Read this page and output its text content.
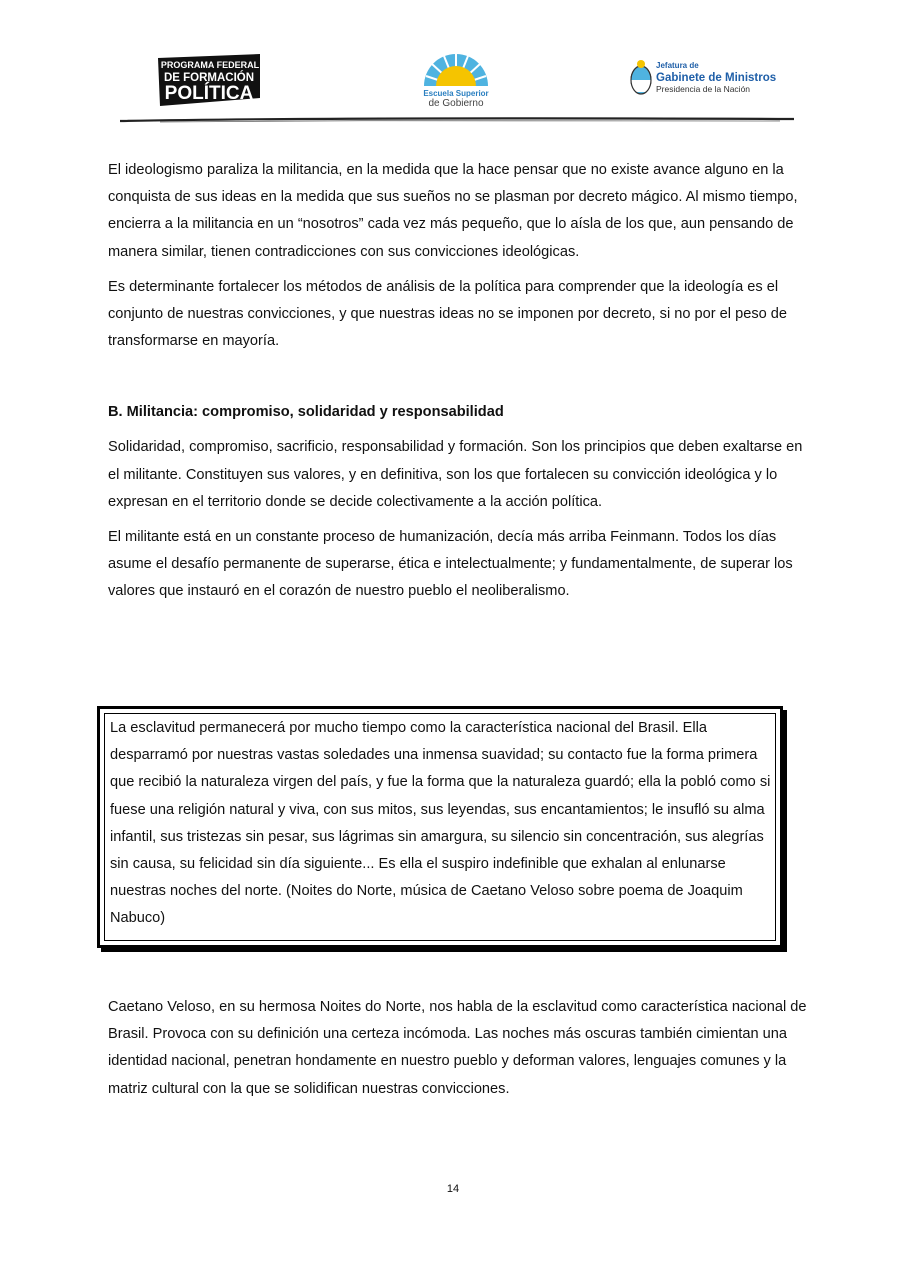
PROGRAMA FEDERAL
DE FORMACIÓN
POLÍTICA	Escuela Superior
de Gobierno
Jefatura de
Gabinete de Ministros
Presidencia de la Nación

El ideologismo paraliza la militancia, en la medida que la hace pensar que no existe avance alguno en la conquista de sus ideas en la medida que sus sueños no se plasman por decreto mágico. Al mismo tiempo, encierra a la militancia en un “nosotros” cada vez más pequeño, que lo aísla de los que, aun pensando de manera similar, tienen contradicciones con sus convicciones ideológicas.

Es determinante fortalecer los métodos de análisis de la política para comprender que la ideología es el conjunto de nuestras convicciones, y que nuestras ideas no se imponen por decreto, si no por el peso de transformarse en mayoría.

B. Militancia: compromiso, solidaridad y responsabilidad

Solidaridad, compromiso, sacrificio, responsabilidad y formación. Son los principios que deben exaltarse en el militante. Constituyen sus valores, y en definitiva, son los que fortalecen su convicción ideológica y lo expresan en el territorio donde se decide colectivamente a la acción política.

El militante está en un constante proceso de humanización, decía más arriba Feinmann. Todos los días asume el desafío permanente de superarse, ética e intelectualmente; y fundamentalmente, de superar los valores que instauró en el corazón de nuestro pueblo el neoliberalismo.

La esclavitud permanecerá por mucho tiempo como la característica nacional del Brasil. Ella desparramó por nuestras vastas soledades una inmensa suavidad; su contacto fue la forma primera que recibió la naturaleza virgen del país, y fue la forma que la naturaleza guardó; ella la pobló como si fuese una religión natural y viva, con sus mitos, sus leyendas, sus encantamientos; le insufló su alma infantil, sus tristezas sin pesar, sus lágrimas sin amargura, su silencio sin concentración, sus alegrías sin causa, su felicidad sin día siguiente... Es ella el suspiro indefinible que exhalan al enlunarse nuestras noches del norte. (Noites do Norte, música de Caetano Veloso sobre poema de Joaquim Nabuco)

Caetano Veloso, en su hermosa Noites do Norte, nos habla de la esclavitud como característica nacional de Brasil. Provoca con su definición una certeza incómoda. Las noches más oscuras también cimientan una identidad nacional, penetran hondamente en nuestro pueblo y deforman valores, lenguajes comunes y la matriz cultural con la que se solidifican nuestras convicciones.

14
